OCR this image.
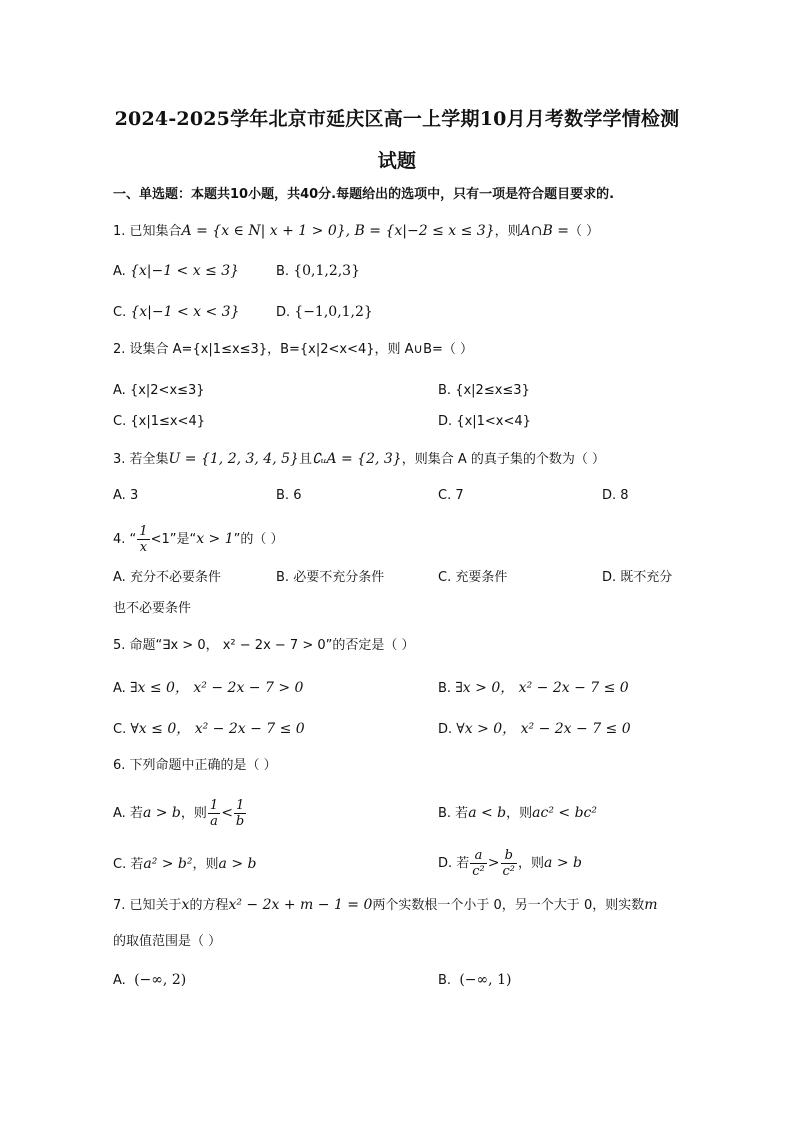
2024-2025学年北京市延庆区高一上学期10月月考数学学情检测
试题
一、单选题：本题共10小题，共40分.每题给出的选项中，只有一项是符合题目要求的.
1. 已知集合A = {x ∈ N| x + 1 > 0}, B = {x|−2 ≤ x ≤ 3}，则A∩B =（ ）
A. {x|−1 < x ≤ 3}	B. {0,1,2,3}
C. {x|−1 < x < 3}	D. {−1,0,1,2}
2. 设集合 A={x|1≤x≤3}，B={x|2<x<4}，则 A∪B=（ ）
A. {x|2<x≤3}	B. {x|2≤x≤3}
C. {x|1≤x<4}	D. {x|1<x<4}
3. 若全集U = {1, 2, 3, 4, 5}且∁ᵤA = {2, 3}，则集合 A 的真子集的个数为（ ）
A. 3	B. 6	C. 7	D. 8
4. “ $\frac{1}{x} <1$”是“x > 1”的（ ）
A. 充分不必要条件	B. 必要不充分条件	C. 充要条件	D. 既不充分
也不必要条件
5. 命题“∃x > 0， x² − 2x − 7 > 0”的否定是（ ）
A. ∃x ≤ 0， x² − 2x − 7 > 0	B. ∃x > 0， x² − 2x − 7 ≤ 0
C. ∀x ≤ 0， x² − 2x − 7 ≤ 0	D. ∀x > 0， x² − 2x − 7 ≤ 0
6. 下列命题中正确的是（ ）
A. 若a > b，则 $\frac{1}{a} < \frac{1}{b}$	B. 若a < b，则ac² < bc²
C. 若a² > b²，则a > b	D. 若 $\frac{a}{\text{c²}} > \frac{b}{\text{c²}}$ ，则a > b
7. 已知关于x的方程x² − 2x + m − 1 = 0两个实数根一个小于 0，另一个大于 0，则实数m
的取值范围是（ ）
A. (−∞, 2)	B. (−∞, 1)
